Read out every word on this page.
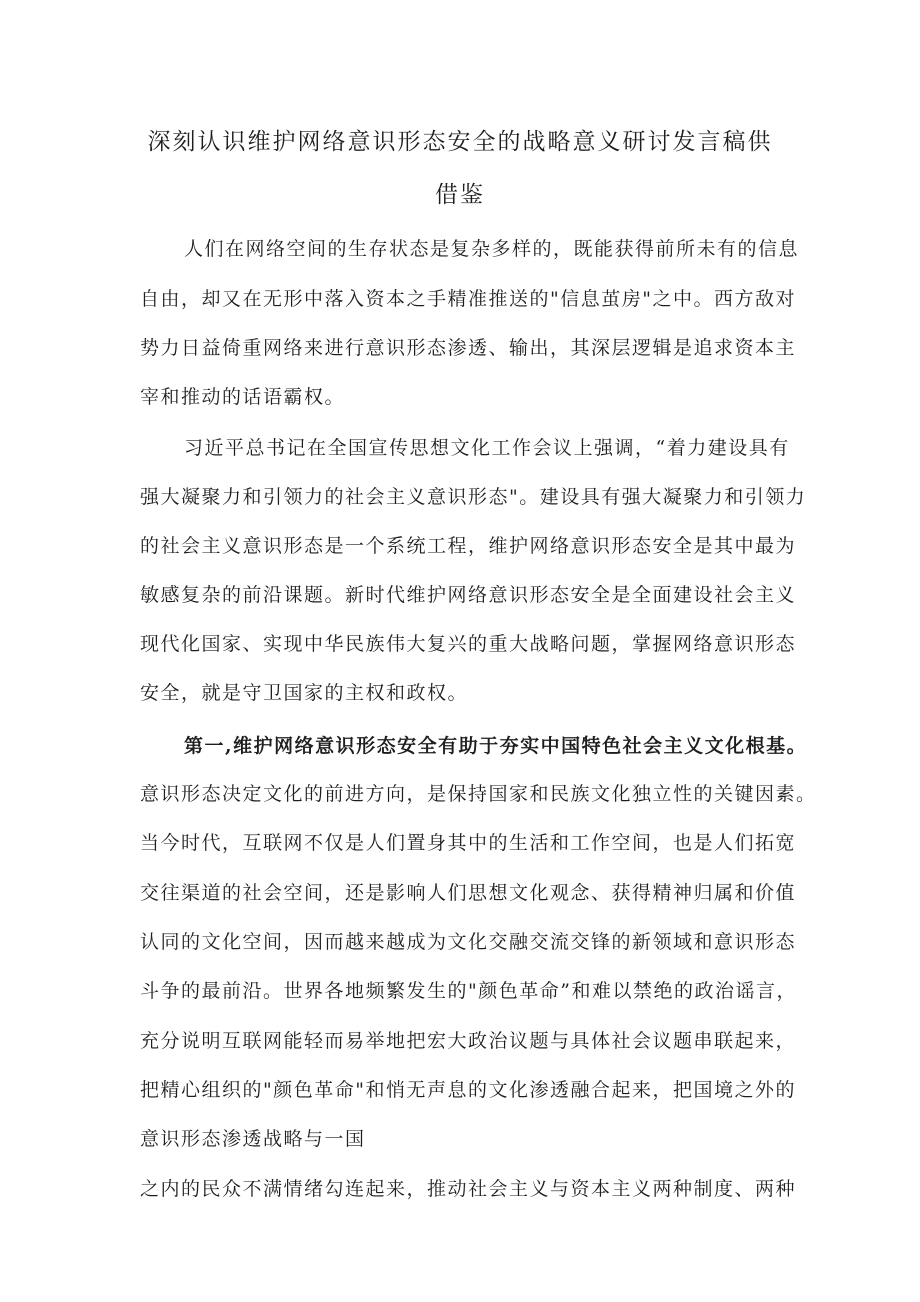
深刻认识维护网络意识形态安全的战略意义研讨发言稿供
借鉴
人们在网络空间的生存状态是复杂多样的，既能获得前所未有的信息
自由，却又在无形中落入资本之手精准推送的"信息茧房"之中。西方敌对
势力日益倚重网络来进行意识形态渗透、输出，其深层逻辑是追求资本主
宰和推动的话语霸权。
习近平总书记在全国宣传思想文化工作会议上强调，“着力建设具有
强大凝聚力和引领力的社会主义意识形态"。建设具有强大凝聚力和引领力
的社会主义意识形态是一个系统工程，维护网络意识形态安全是其中最为
敏感复杂的前沿课题。新时代维护网络意识形态安全是全面建设社会主义
现代化国家、实现中华民族伟大复兴的重大战略问题，掌握网络意识形态
安全，就是守卫国家的主权和政权。
第一,维护网络意识形态安全有助于夯实中国特色社会主义文化根基。
意识形态决定文化的前进方向，是保持国家和民族文化独立性的关键因素。
当今时代，互联网不仅是人们置身其中的生活和工作空间，也是人们拓宽
交往渠道的社会空间，还是影响人们思想文化观念、获得精神归属和价值
认同的文化空间，因而越来越成为文化交融交流交锋的新领域和意识形态
斗争的最前沿。世界各地频繁发生的"颜色革命”和难以禁绝的政治谣言，
充分说明互联网能轻而易举地把宏大政治议题与具体社会议题串联起来，
把精心组织的"颜色革命"和悄无声息的文化渗透融合起来，把国境之外的
意识形态渗透战略与一国
之内的民众不满情绪勾连起来，推动社会主义与资本主义两种制度、两种
